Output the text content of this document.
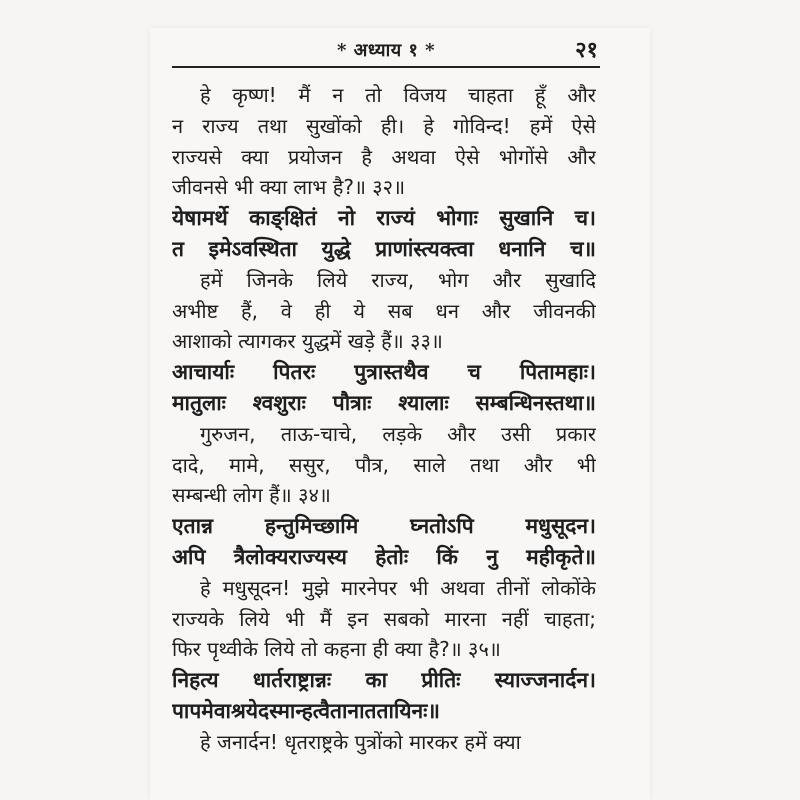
* अध्याय १ *	२१
हे कृष्ण! मैं न तो विजय चाहता हूँ और
न राज्य तथा सुखोंको ही। हे गोविन्द! हमें ऐसे
राज्यसे क्या प्रयोजन है अथवा ऐसे भोगोंसे और
जीवनसे भी क्या लाभ है?॥ ३२॥
येषामर्थे काङ्क्षितं नो राज्यं भोगाः सुखानि च।
त इमेऽवस्थिता युद्धे प्राणांस्त्यक्त्वा धनानि च॥
हमें जिनके लिये राज्य, भोग और सुखादि
अभीष्ट हैं, वे ही ये सब धन और जीवनकी
आशाको त्यागकर युद्धमें खड़े हैं॥ ३३॥
आचार्याः पितरः पुत्रास्तथैव च पितामहाः।
मातुलाः श्वशुराः पौत्राः श्यालाः सम्बन्धिनस्तथा॥
गुरुजन, ताऊ-चाचे, लड़के और उसी प्रकार
दादे, मामे, ससुर, पौत्र, साले तथा और भी
सम्बन्धी लोग हैं॥ ३४॥
एतान्न हन्तुमिच्छामि घ्नतोऽपि मधुसूदन।
अपि त्रैलोक्यराज्यस्य हेतोः किं नु महीकृते॥
हे मधुसूदन! मुझे मारनेपर भी अथवा तीनों लोकोंके
राज्यके लिये भी मैं इन सबको मारना नहीं चाहता;
फिर पृथ्वीके लिये तो कहना ही क्या है?॥ ३५॥
निहत्य धार्तराष्ट्रान्नः का प्रीतिः स्याज्जनार्दन।
पापमेवाश्रयेदस्मान्हत्वैतानाततायिनः॥
हे जनार्दन! धृतराष्ट्रके पुत्रोंको मारकर हमें क्या
